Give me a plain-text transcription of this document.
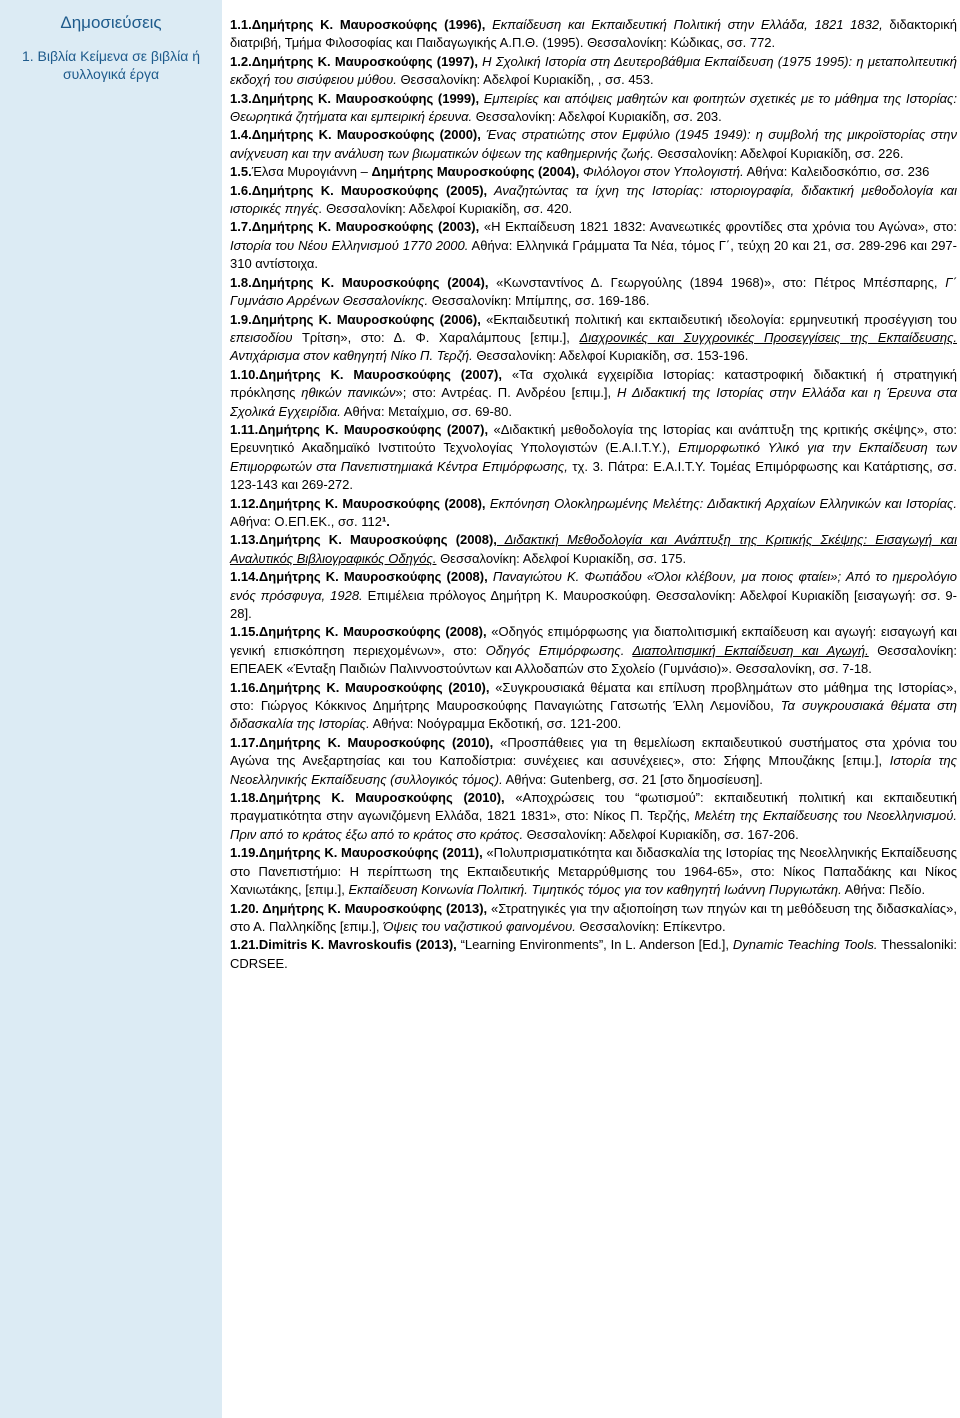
Δημοσιεύσεις
1. Βιβλία Κείμενα σε βιβλία ή συλλογικά έργα

1.1.Δημήτρης Κ. Μαυροσκούφης (1996), Εκπαίδευση και Εκπαιδευτική Πολιτική στην Ελλάδα, 1821 1832, διδακτορική διατριβή, Τμήμα Φιλοσοφίας και Παιδαγωγικής Α.Π.Θ. (1995). Θεσσαλονίκη: Κώδικας, σσ. 772.

1.2.Δημήτρης Κ. Μαυροσκούφης (1997), Η Σχολική Ιστορία στη Δευτεροβάθμια Εκπαίδευση (1975 1995): η μεταπολιτευτική εκδοχή του σισύφειου μύθου. Θεσσαλονίκη: Αδελφοί Κυριακίδη, , σσ. 453.

1.3.Δημήτρης Κ. Μαυροσκούφης (1999), Εμπειρίες και απόψεις μαθητών και φοιτητών σχετικές με το μάθημα της Ιστορίας: Θεωρητικά ζητήματα και εμπειρική έρευνα. Θεσσαλονίκη: Αδελφοί Κυριακίδη, σσ. 203.

1.4.Δημήτρης Κ. Μαυροσκούφης (2000), Ένας στρατιώτης στον Εμφύλιο (1945 1949): η συμβολή της μικροϊστορίας στην ανίχνευση και την ανάλυση των βιωματικών όψεων της καθημερινής ζωής. Θεσσαλονίκη: Αδελφοί Κυριακίδη, σσ. 226.

1.5.Έλσα Μυρογιάννη – Δημήτρης Μαυροσκούφης (2004), Φιλόλογοι στον Υπολογιστή. Αθήνα: Καλειδοσκόπιο, σσ. 236

1.6.Δημήτρης Κ. Μαυροσκούφης (2005), Αναζητώντας τα ίχνη της Ιστορίας: ιστοριογραφία, διδακτική μεθοδολογία και ιστορικές πηγές. Θεσσαλονίκη: Αδελφοί Κυριακίδη, σσ. 420.

1.7.Δημήτρης Κ. Μαυροσκούφης (2003), «Η Εκπαίδευση 1821 1832: Ανανεωτικές φροντίδες στα χρόνια του Αγώνα», στο: Ιστορία του Νέου Ελληνισμού 1770 2000. Αθήνα: Ελληνικά Γράμματα Τα Νέα, τόμος Γ΄, τεύχη 20 και 21, σσ. 289-296 και 297-310 αντίστοιχα.

1.8.Δημήτρης Κ. Μαυροσκούφης (2004), «Κωνσταντίνος Δ. Γεωργούλης (1894 1968)», στο: Πέτρος Μπέσπαρης, Γ΄ Γυμνάσιο Αρρένων Θεσσαλονίκης. Θεσσαλονίκη: Μπίμπης, σσ. 169-186.

1.9.Δημήτρης Κ. Μαυροσκούφης (2006), «Εκπαιδευτική πολιτική και εκπαιδευτική ιδεολογία: ερμηνευτική προσέγγιση του επεισοδίου Τρίτση», στο: Δ. Φ. Χαραλάμπους [επιμ.], Διαχρονικές και Συγχρονικές Προσεγγίσεις της Εκπαίδευσης. Αντιχάρισμα στον καθηγητή Νίκο Π. Τερζή. Θεσσαλονίκη: Αδελφοί Κυριακίδη, σσ. 153-196.

1.10.Δημήτρης Κ. Μαυροσκούφης (2007), «Τα σχολικά εγχειρίδια Ιστορίας: καταστροφική διδακτική ή στρατηγική πρόκλησης ηθικών πανικών»; στο: Αντρέας. Π. Ανδρέου [επιμ.], Η Διδακτική της Ιστορίας στην Ελλάδα και η Έρευνα στα Σχολικά Εγχειρίδια. Αθήνα: Μεταίχμιο, σσ. 69-80.

1.11.Δημήτρης Κ. Μαυροσκούφης (2007), «Διδακτική μεθοδολογία της Ιστορίας και ανάπτυξη της κριτικής σκέψης», στο: Ερευνητικό Ακαδημαϊκό Ινστιτούτο Τεχνολογίας Υπολογιστών (Ε.Α.Ι.Τ.Υ.), Επιμορφωτικό Υλικό για την Εκπαίδευση των Επιμορφωτών στα Πανεπιστημιακά Κέντρα Επιμόρφωσης, τχ. 3. Πάτρα: Ε.Α.Ι.Τ.Υ. Τομέας Επιμόρφωσης και Κατάρτισης, σσ. 123-143 και 269-272.

1.12.Δημήτρης Κ. Μαυροσκούφης (2008), Εκπόνηση Ολοκληρωμένης Μελέτης: Διδακτική Αρχαίων Ελληνικών και Ιστορίας. Αθήνα: Ο.ΕΠ.ΕΚ., σσ. 112¹.

1.13.Δημήτρης Κ. Μαυροσκούφης (2008), Διδακτική Μεθοδολογία και Ανάπτυξη της Κριτικής Σκέψης: Εισαγωγή και Αναλυτικός Βιβλιογραφικός Οδηγός. Θεσσαλονίκη: Αδελφοί Κυριακίδη, σσ. 175.

1.14.Δημήτρης Κ. Μαυροσκούφης (2008), Παναγιώτου Κ. Φωτιάδου «Όλοι κλέβουν, μα ποιος φταίει»; Από το ημερολόγιο ενός πρόσφυγα, 1928. Επιμέλεια πρόλογος Δημήτρη Κ. Μαυροσκούφη. Θεσσαλονίκη: Αδελφοί Κυριακίδη [εισαγωγή: σσ. 9-28].

1.15.Δημήτρης Κ. Μαυροσκούφης (2008), «Οδηγός επιμόρφωσης για διαπολιτισμική εκπαίδευση και αγωγή: εισαγωγή και γενική επισκόπηση περιεχομένων», στο: Οδηγός Επιμόρφωσης. Διαπολιτισμική Εκπαίδευση και Αγωγή. Θεσσαλονίκη: ΕΠΕΑΕΚ «Ένταξη Παιδιών Παλιννοστούντων και Αλλοδαπών στο Σχολείο (Γυμνάσιο)». Θεσσαλονίκη, σσ. 7-18.

1.16.Δημήτρης Κ. Μαυροσκούφης (2010), «Συγκρουσιακά θέματα και επίλυση προβλημάτων στο μάθημα της Ιστορίας», στο: Γιώργος Κόκκινος Δημήτρης Μαυροσκούφης Παναγιώτης Γατσωτής Έλλη Λεμονίδου, Τα συγκρουσιακά θέματα στη διδασκαλία της Ιστορίας. Αθήνα: Νοόγραμμα Εκδοτική, σσ. 121-200.

1.17.Δημήτρης Κ. Μαυροσκούφης (2010), «Προσπάθειες για τη θεμελίωση εκπαιδευτικού συστήματος στα χρόνια του Αγώνα της Ανεξαρτησίας και του Καποδίστρια: συνέχειες και ασυνέχειες», στο: Σήφης Μπουζάκης [επιμ.], Ιστορία της Νεοελληνικής Εκπαίδευσης (συλλογικός τόμος). Αθήνα: Gutenberg, σσ. 21 [στο δημοσίευση].

1.18.Δημήτρης Κ. Μαυροσκούφης (2010), «Αποχρώσεις του “φωτισμού”: εκπαιδευτική πολιτική και εκπαιδευτική πραγματικότητα στην αγωνιζόμενη Ελλάδα, 1821 1831», στο: Νίκος Π. Τερζής, Μελέτη της Εκπαίδευσης του Νεοελληνισμού. Πριν από το κράτος έξω από το κράτος στο κράτος. Θεσσαλονίκη: Αδελφοί Κυριακίδη, σσ. 167-206.

1.19.Δημήτρης Κ. Μαυροσκούφης (2011), «Πολυπρισματικότητα και διδασκαλία της Ιστορίας της Νεοελληνικής Εκπαίδευσης στο Πανεπιστήμιο: Η περίπτωση της Εκπαιδευτικής Μεταρρύθμισης του 1964-65», στο: Νίκος Παπαδάκης και Νίκος Χανιωτάκης, [επιμ.], Εκπαίδευση Κοινωνία Πολιτική. Τιμητικός τόμος για τον καθηγητή Ιωάννη Πυργιωτάκη. Αθήνα: Πεδίο.

1.20. Δημήτρης Κ. Μαυροσκούφης (2013), «Στρατηγικές για την αξιοποίηση των πηγών και τη μεθόδευση της διδασκαλίας», στο Α. Παλληκίδης [επιμ.], Όψεις του ναζιστικού φαινομένου. Θεσσαλονίκη: Επίκεντρο.

1.21.Dimitris K. Mavroskoufis (2013), “Learning Environments”, In L. Anderson [Ed.], Dynamic Teaching Tools. Thessaloniki: CDRSEE.
